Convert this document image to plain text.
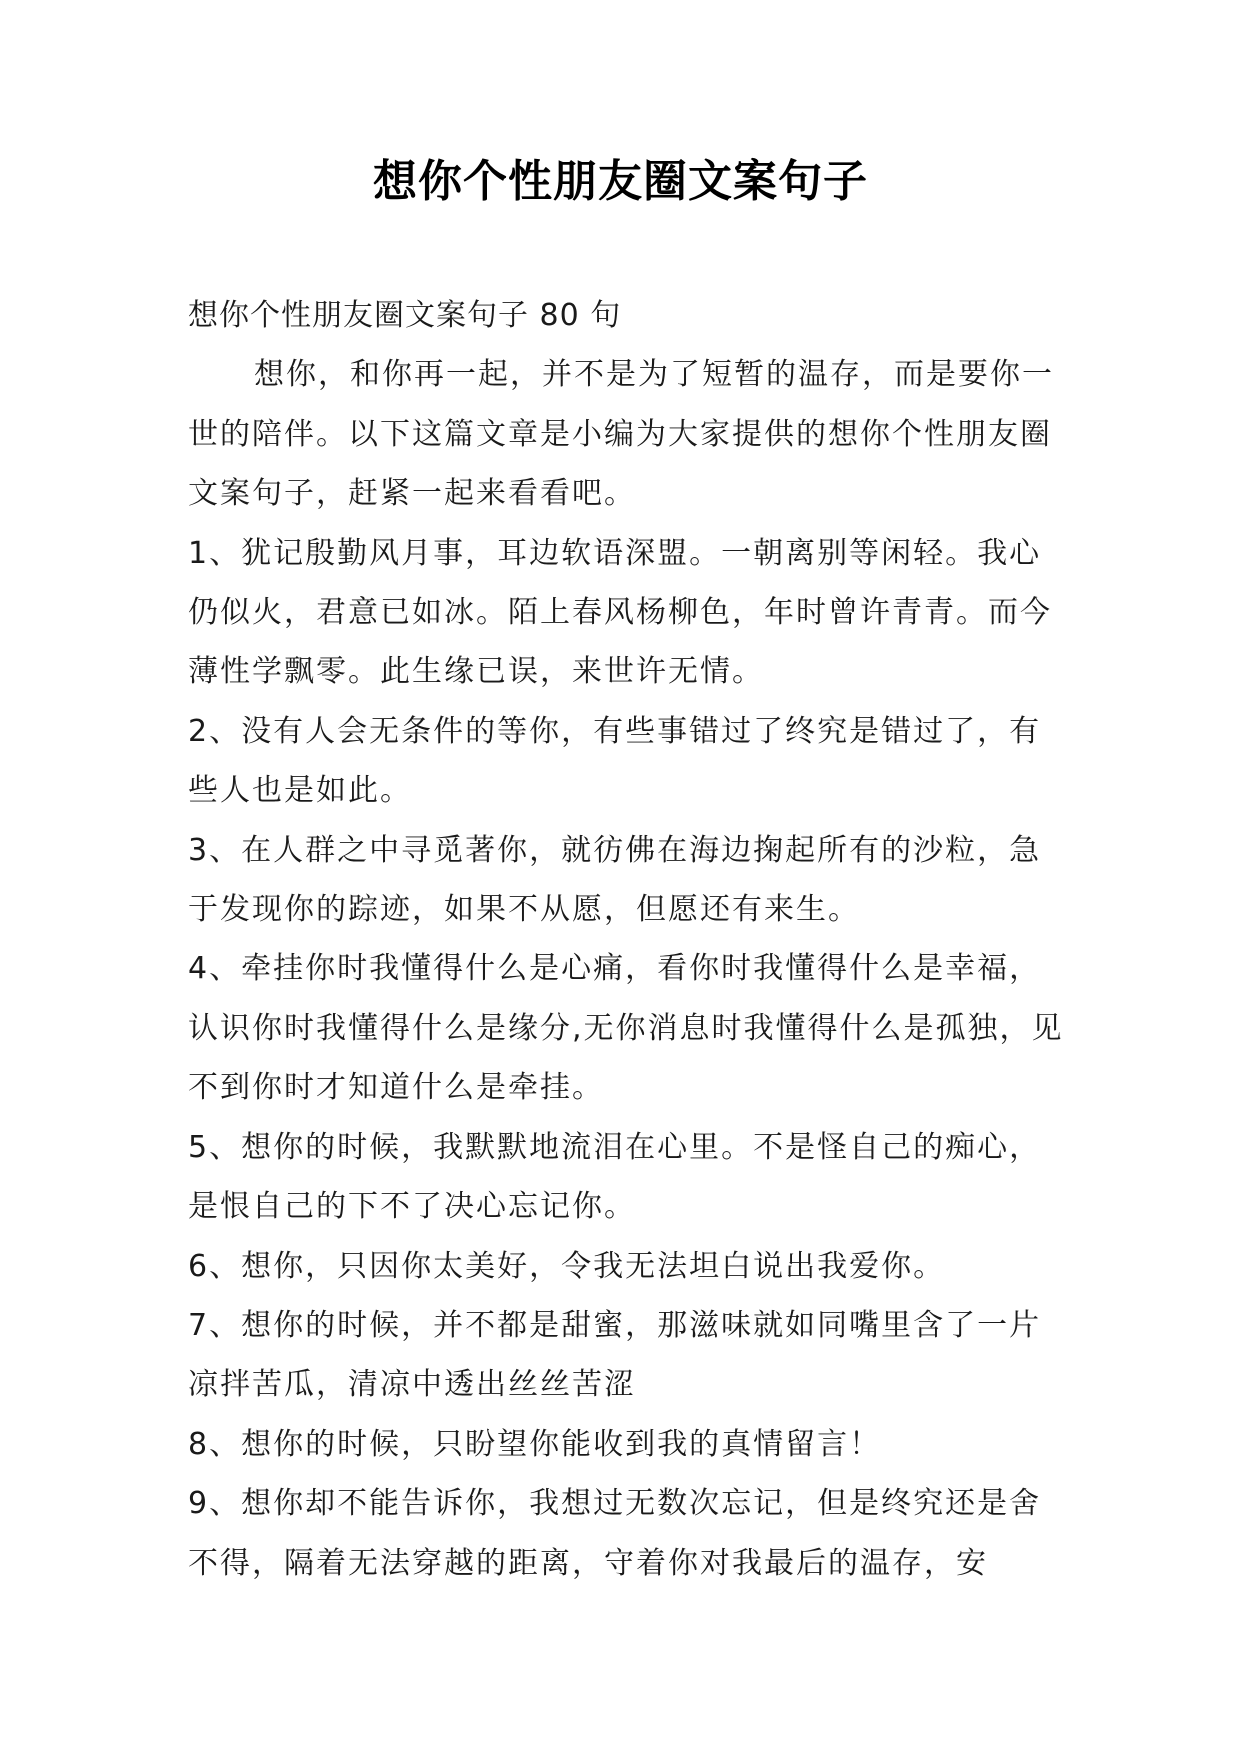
想你个性朋友圈文案句子

想你个性朋友圈文案句子 80 句

想你，和你再一起，并不是为了短暂的温存，而是要你一世的陪伴。以下这篇文章是小编为大家提供的想你个性朋友圈文案句子，赶紧一起来看看吧。

1、犹记殷勤风月事，耳边软语深盟。一朝离别等闲轻。我心仍似火，君意已如冰。陌上春风杨柳色，年时曾许青青。而今薄性学飘零。此生缘已误，来世许无情。

2、没有人会无条件的等你，有些事错过了终究是错过了，有些人也是如此。

3、在人群之中寻觅著你，就彷佛在海边掬起所有的沙粒，急于发现你的踪迹，如果不从愿，但愿还有来生。

4、牵挂你时我懂得什么是心痛，看你时我懂得什么是幸福，认识你时我懂得什么是缘分,无你消息时我懂得什么是孤独，见不到你时才知道什么是牵挂。

5、想你的时候，我默默地流泪在心里。不是怪自己的痴心，是恨自己的下不了决心忘记你。

6、想你，只因你太美好，令我无法坦白说出我爱你。

7、想你的时候，并不都是甜蜜，那滋味就如同嘴里含了一片凉拌苦瓜，清凉中透出丝丝苦涩

8、想你的时候，只盼望你能收到我的真情留言！

9、想你却不能告诉你，我想过无数次忘记，但是终究还是舍不得，隔着无法穿越的距离，守着你对我最后的温存，安
